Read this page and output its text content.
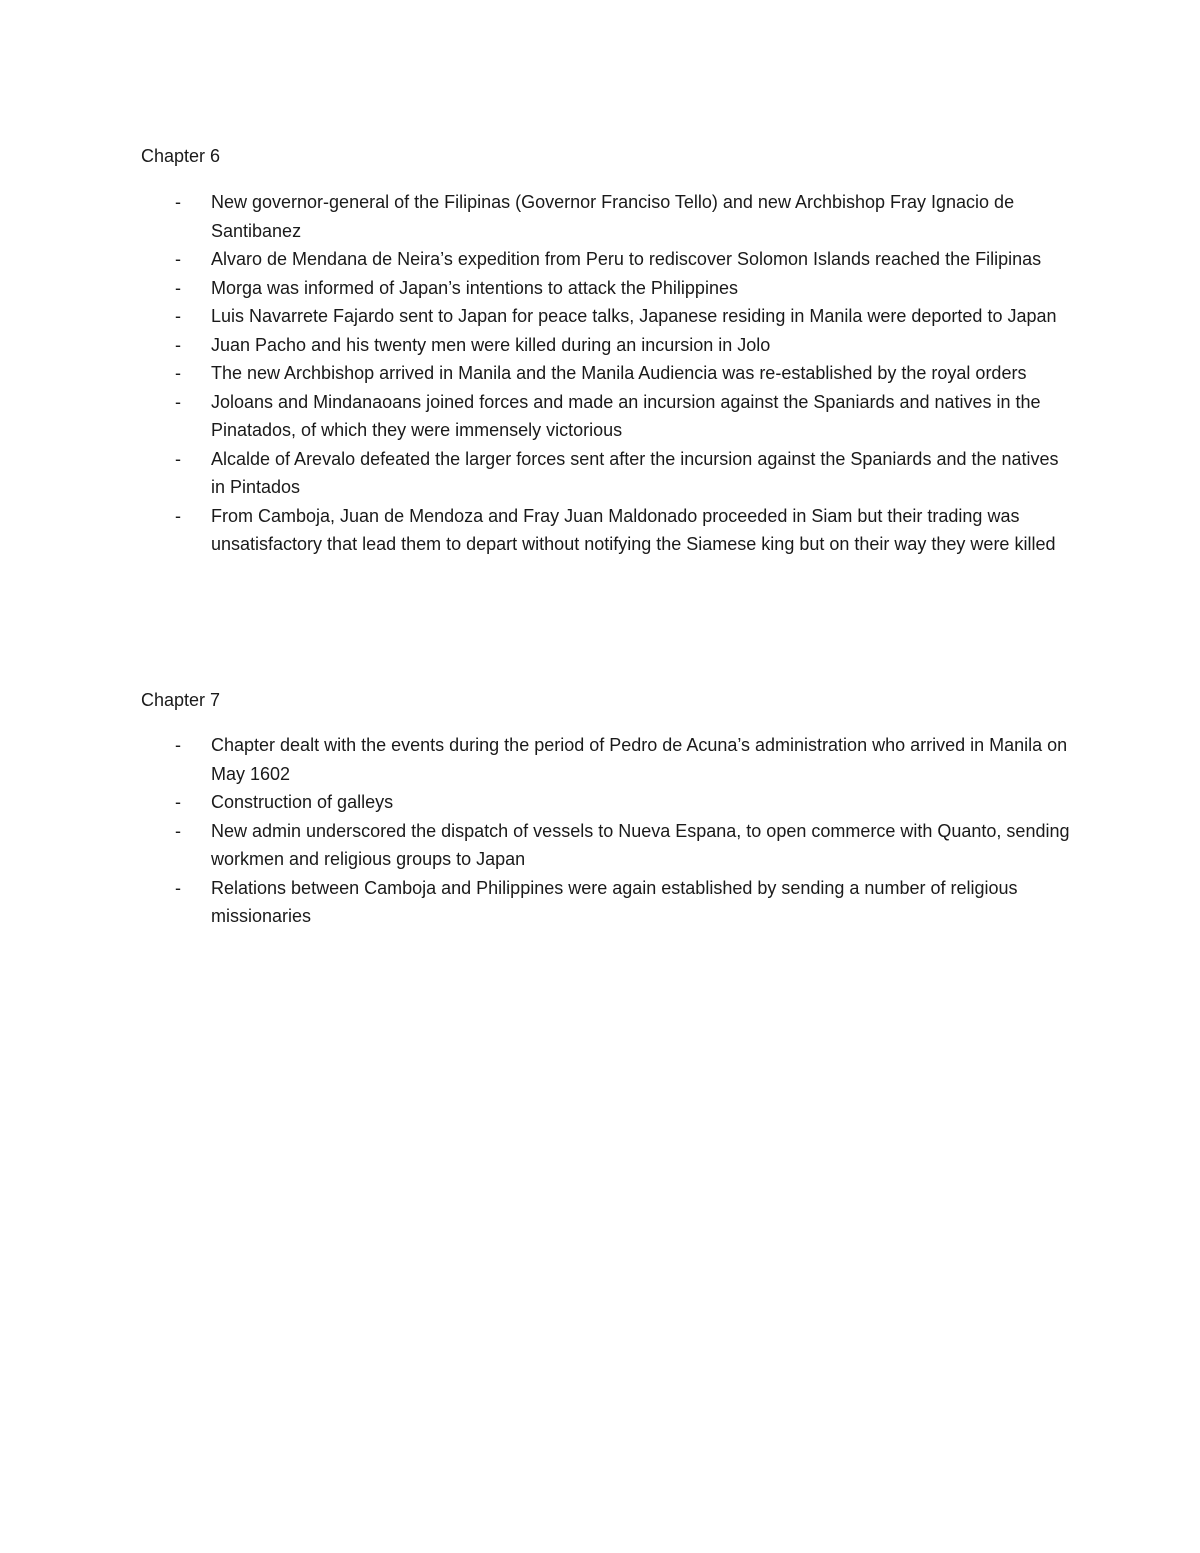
Chapter 6
- New governor-general of the Filipinas (Governor Franciso Tello) and new Archbishop Fray Ignacio de Santibanez
- Alvaro de Mendana de Neira’s expedition from Peru to rediscover Solomon Islands reached the Filipinas
- Morga was informed of Japan’s intentions to attack the Philippines
- Luis Navarrete Fajardo sent to Japan for peace talks, Japanese residing in Manila were deported to Japan
- Juan Pacho and his twenty men were killed during an incursion in Jolo
- The new Archbishop arrived in Manila and the Manila Audiencia was re-established by the royal orders
- Joloans and Mindanaoans joined forces and made an incursion against the Spaniards and natives in the Pinatados, of which they were immensely victorious
- Alcalde of Arevalo defeated the larger forces sent after the incursion against the Spaniards and the natives in Pintados
- From Camboja, Juan de Mendoza and Fray Juan Maldonado proceeded in Siam but their trading was unsatisfactory that lead them to depart without notifying the Siamese king but on their way they were killed
Chapter 7
- Chapter dealt with the events during the period of Pedro de Acuna’s administration who arrived in Manila on May 1602
- Construction of galleys
- New admin underscored the dispatch of vessels to Nueva Espana, to open commerce with Quanto, sending workmen and religious groups to Japan
- Relations between Camboja and Philippines were again established by sending a number of religious missionaries
